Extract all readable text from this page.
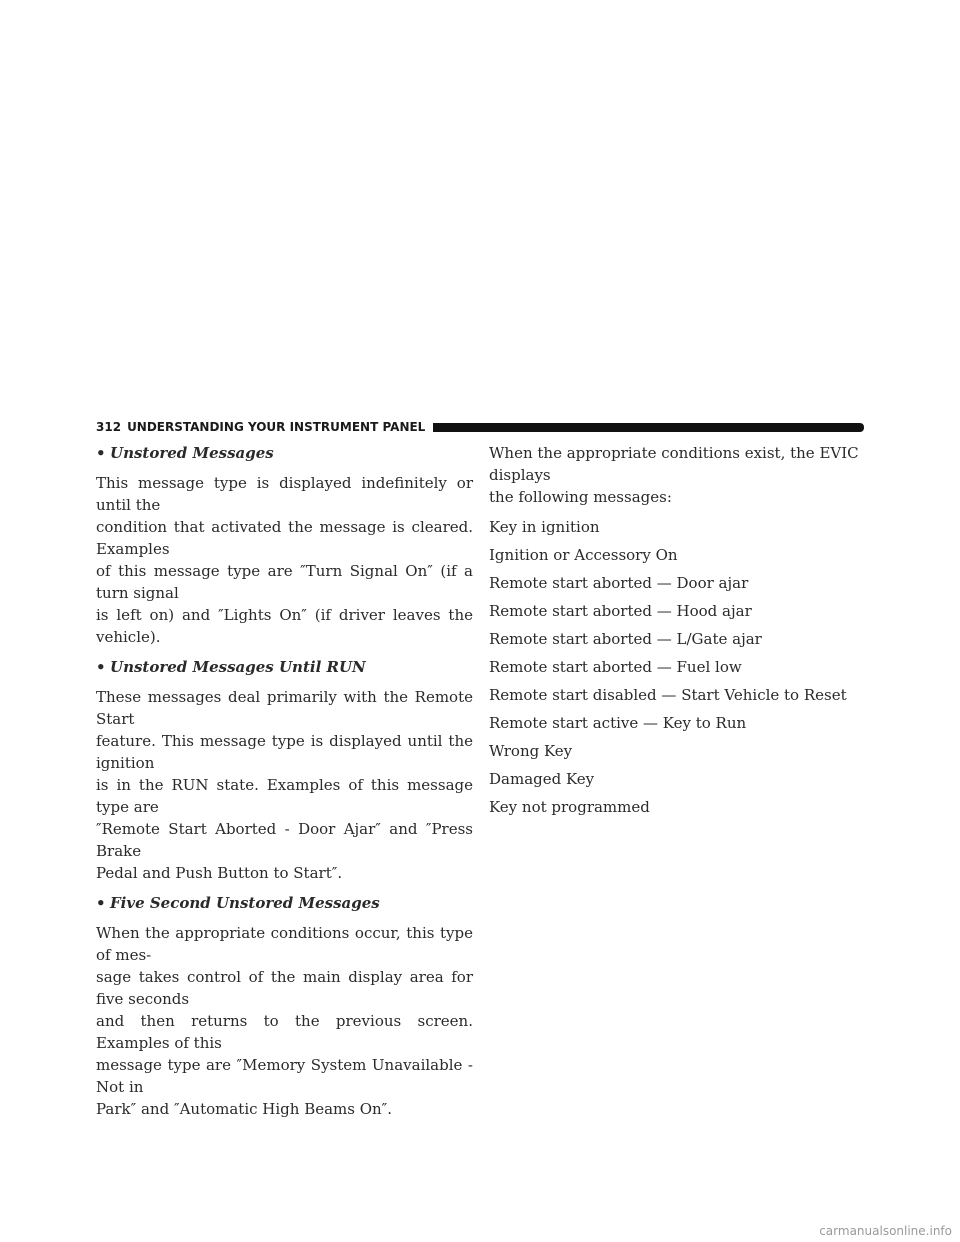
312 UNDERSTANDING YOUR INSTRUMENT PANEL

• Unstored Messages

This message type is displayed indefinitely or until the
condition that activated the message is cleared. Examples
of this message type are ″Turn Signal On″ (if a turn signal
is left on) and ″Lights On″ (if driver leaves the vehicle).

• Unstored Messages Until RUN

These messages deal primarily with the Remote Start
feature. This message type is displayed until the ignition
is in the RUN state. Examples of this message type are
″Remote Start Aborted - Door Ajar″ and ″Press Brake
Pedal and Push Button to Start″.

• Five Second Unstored Messages

When the appropriate conditions occur, this type of mes-
sage takes control of the main display area for five seconds
and then returns to the previous screen. Examples of this
message type are ″Memory System Unavailable - Not in
Park″ and ″Automatic High Beams On″.

When the appropriate conditions exist, the EVIC displays
the following messages:

Key in ignition
Ignition or Accessory On
Remote start aborted — Door ajar
Remote start aborted — Hood ajar
Remote start aborted — L/Gate ajar
Remote start aborted — Fuel low
Remote start disabled — Start Vehicle to Reset
Remote start active — Key to Run
Wrong Key
Damaged Key
Key not programmed
carmanualsonline.info
